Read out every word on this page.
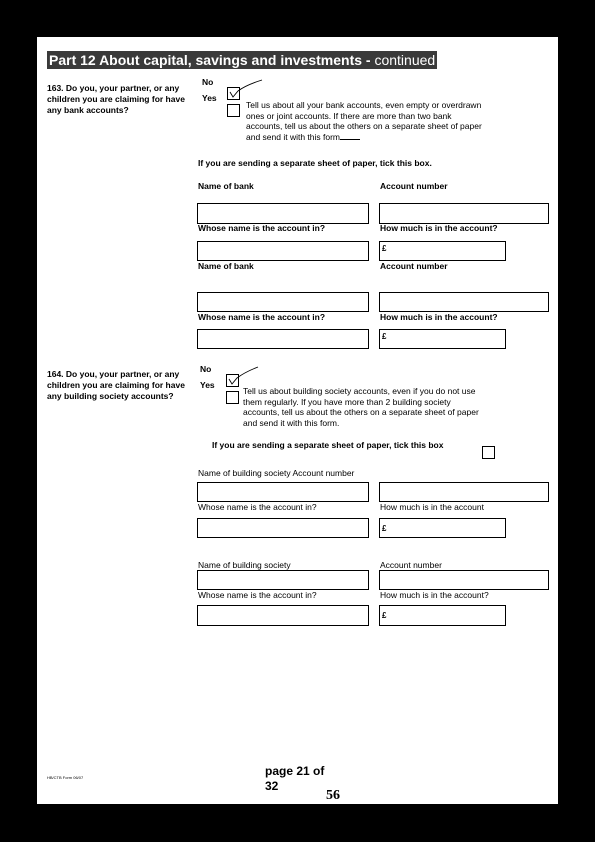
Part 12 About capital, savings and investments - continued
163. Do you, your partner, or any children you are claiming for have any bank accounts?
No
Yes
Tell us about all your bank accounts, even empty or overdrawn ones or joint accounts. If there are more than two bank accounts, tell us about the others on a separate sheet of paper and send it with this form
If you are sending a separate sheet of paper, tick this box.
Name of bank	Account number
Whose name is the account in?	How much is in the account?
£
Name of bank	Account number
Whose name is the account in?	How much is in the account?
£
164. Do you, your partner, or any children you are claiming for have any building society accounts?
No
Yes
Tell us about building society accounts, even if you do not use them regularly. If you have more than 2 building society accounts, tell us about the others on a separate sheet of paper and send it with this form.
If you are sending a separate sheet of paper, tick this box
Name of building society Account number
Whose name is the account in?	How much is in the account
£
Name of building society	Account number
Whose name is the account in?	How much is in the account?
£
HB/CTB Form 06/07	page 21 of
32
56
